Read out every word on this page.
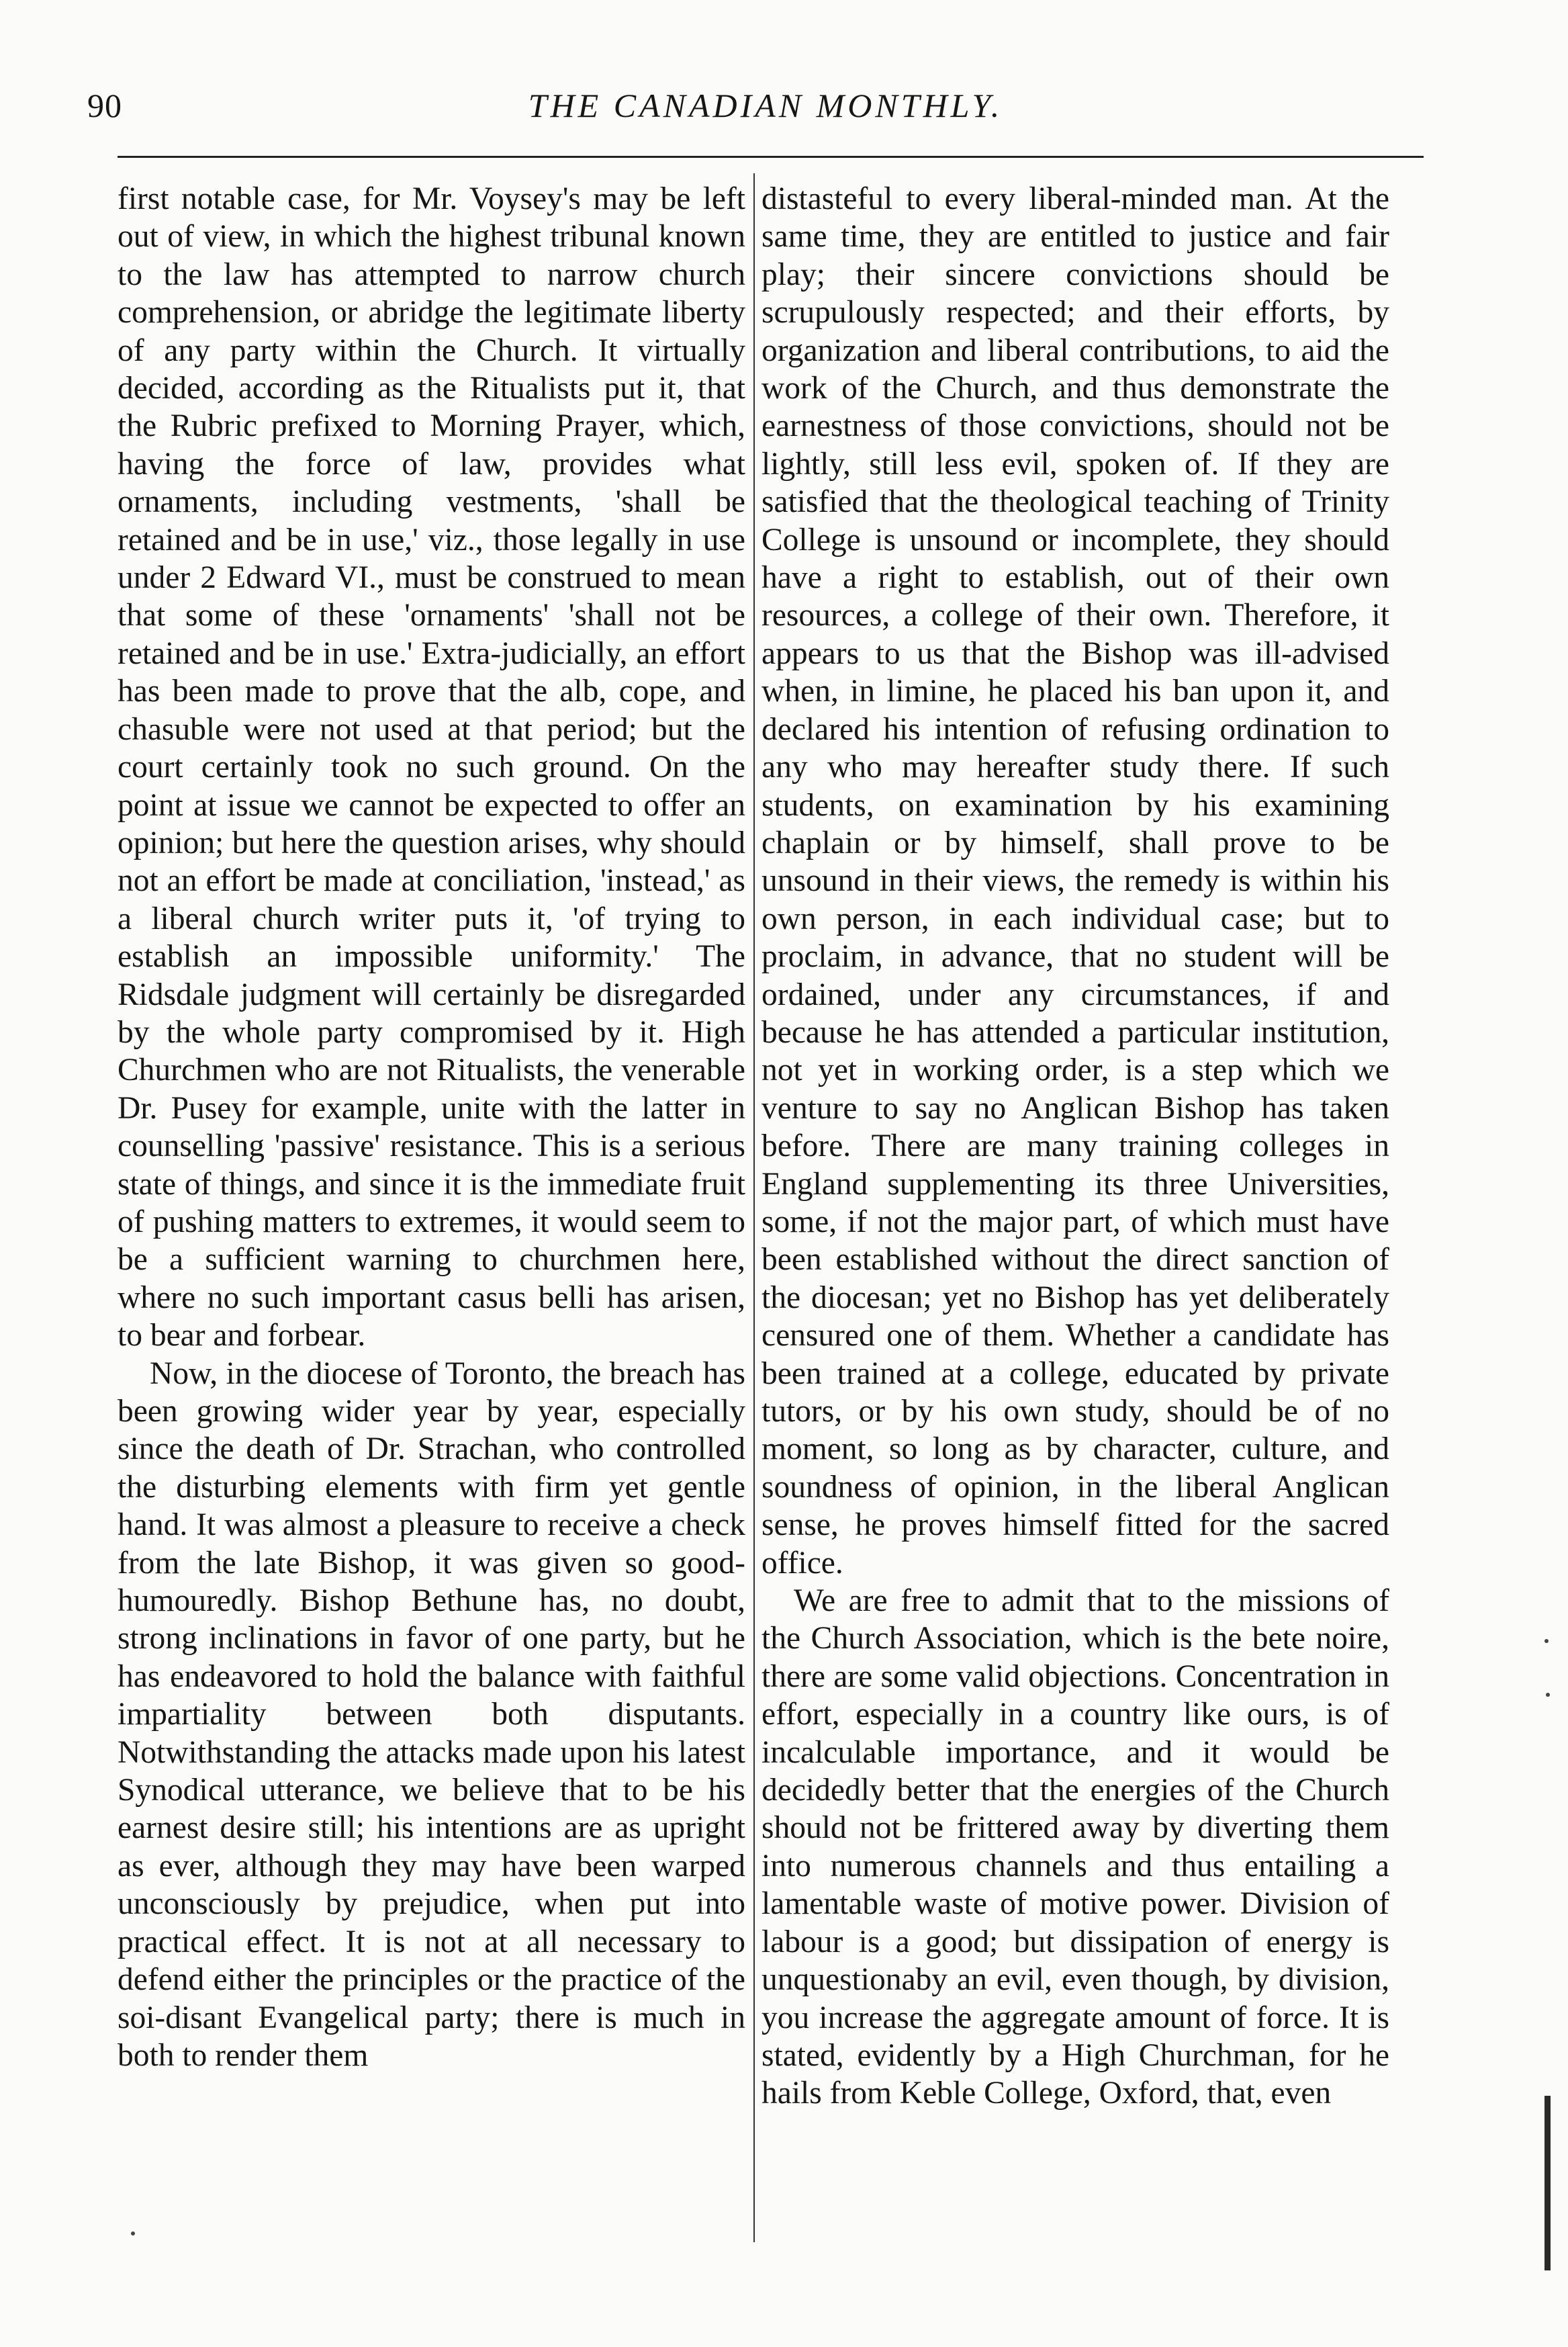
90	THE CANADIAN MONTHLY.

first notable case, for Mr. Voysey's may be left out of view, in which the highest tribunal known to the law has attempted to narrow church comprehension, or abridge the legitimate liberty of any party within the Church. It virtually decided, according as the Ritualists put it, that the Rubric prefixed to Morning Prayer, which, having the force of law, provides what ornaments, including vestments, 'shall be retained and be in use,' viz., those legally in use under 2 Edward VI., must be construed to mean that some of these 'ornaments' 'shall not be retained and be in use.' Extra-judicially, an effort has been made to prove that the alb, cope, and chasuble were not used at that period; but the court certainly took no such ground. On the point at issue we cannot be expected to offer an opinion; but here the question arises, why should not an effort be made at conciliation, 'instead,' as a liberal church writer puts it, 'of trying to establish an impossible uniformity.' The Ridsdale judgment will certainly be disregarded by the whole party compromised by it. High Churchmen who are not Ritualists, the venerable Dr. Pusey for example, unite with the latter in counselling 'passive' resistance. This is a serious state of things, and since it is the immediate fruit of pushing matters to extremes, it would seem to be a sufficient warning to churchmen here, where no such important casus belli has arisen, to bear and forbear.

Now, in the diocese of Toronto, the breach has been growing wider year by year, especially since the death of Dr. Strachan, who controlled the disturbing elements with firm yet gentle hand. It was almost a pleasure to receive a check from the late Bishop, it was given so good-humouredly. Bishop Bethune has, no doubt, strong inclinations in favor of one party, but he has endeavored to hold the balance with faithful impartiality between both disputants. Notwithstanding the attacks made upon his latest Synodical utterance, we believe that to be his earnest desire still; his intentions are as upright as ever, although they may have been warped unconsciously by prejudice, when put into practical effect. It is not at all necessary to defend either the principles or the practice of the soi-disant Evangelical party; there is much in both to render them

distasteful to every liberal-minded man. At the same time, they are entitled to justice and fair play; their sincere convictions should be scrupulously respected; and their efforts, by organization and liberal contributions, to aid the work of the Church, and thus demonstrate the earnestness of those convictions, should not be lightly, still less evil, spoken of. If they are satisfied that the theological teaching of Trinity College is unsound or incomplete, they should have a right to establish, out of their own resources, a college of their own. Therefore, it appears to us that the Bishop was ill-advised when, in limine, he placed his ban upon it, and declared his intention of refusing ordination to any who may hereafter study there. If such students, on examination by his examining chaplain or by himself, shall prove to be unsound in their views, the remedy is within his own person, in each individual case; but to proclaim, in advance, that no student will be ordained, under any circumstances, if and because he has attended a particular institution, not yet in working order, is a step which we venture to say no Anglican Bishop has taken before. There are many training colleges in England supplementing its three Universities, some, if not the major part, of which must have been established without the direct sanction of the diocesan; yet no Bishop has yet deliberately censured one of them. Whether a candidate has been trained at a college, educated by private tutors, or by his own study, should be of no moment, so long as by character, culture, and soundness of opinion, in the liberal Anglican sense, he proves himself fitted for the sacred office.

We are free to admit that to the missions of the Church Association, which is the bete noire, there are some valid objections. Concentration in effort, especially in a country like ours, is of incalculable importance, and it would be decidedly better that the energies of the Church should not be frittered away by diverting them into numerous channels and thus entailing a lamentable waste of motive power. Division of labour is a good; but dissipation of energy is unquestionaby an evil, even though, by division, you increase the aggregate amount of force. It is stated, evidently by a High Churchman, for he hails from Keble College, Oxford, that, even
